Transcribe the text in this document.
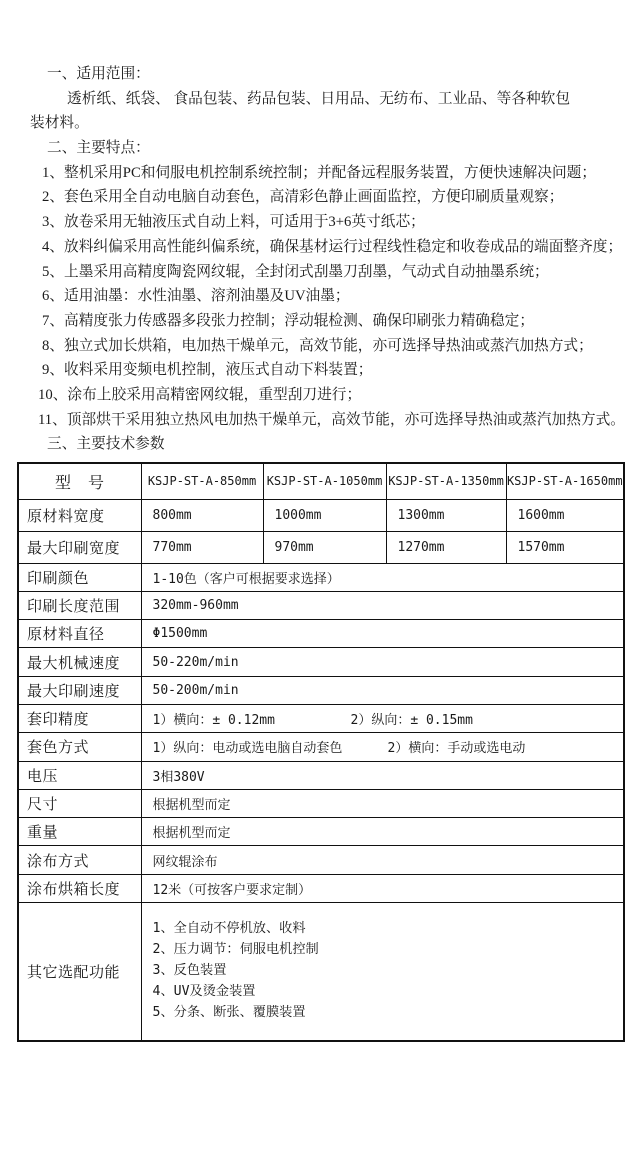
一、适用范围：
透析纸、纸袋、 食品包装、药品包装、日用品、无纺布、工业品、等各种软包
装材料。
二、主要特点：
1、整机采用PC和伺服电机控制系统控制；并配备远程服务装置，方便快速解决问题；
2、套色采用全自动电脑自动套色，高清彩色静止画面监控，方便印刷质量观察；
3、放卷采用无轴液压式自动上料，可适用于3+6英寸纸芯；
4、放料纠偏采用高性能纠偏系统，确保基材运行过程线性稳定和收卷成品的端面整齐度；
5、上墨采用高精度陶瓷网纹辊，全封闭式刮墨刀刮墨，气动式自动抽墨系统；
6、适用油墨：水性油墨、溶剂油墨及UV油墨；
7、高精度张力传感器多段张力控制；浮动辊检测、确保印刷张力精确稳定；
8、独立式加长烘箱，电加热干燥单元，高效节能，亦可选择导热油或蒸汽加热方式；
9、收料采用变频电机控制，液压式自动下料装置；
10、涂布上胶采用高精密网纹辊，重型刮刀进行；
11、顶部烘干采用独立热风电加热干燥单元，高效节能，亦可选择导热油或蒸汽加热方式。
三、主要技术参数
型　号	KSJP-ST-A-850mm	KSJP-ST-A-1050mm	KSJP-ST-A-1350mm	KSJP-ST-A-1650mm
原材料宽度	800mm	1000mm	1300mm	1600mm
最大印刷宽度	770mm	970mm	1270mm	1570mm
印刷颜色	1-10色（客户可根据要求选择）			
印刷长度范围	320mm-960mm			
原材料直径	Φ1500mm			
最大机械速度	50-220m/min			
最大印刷速度	50-200m/min			
套印精度	1）横向：± 0.12mm 2）纵向：± 0.15mm			
套色方式	1）纵向：电动或选电脑自动套色 2）横向：手动或选电动			
电压	3相380V			
尺寸	根据机型而定			
重量	根据机型而定			
涂布方式	网纹辊涂布			
涂布烘箱长度	12米（可按客户要求定制）			
其它选配功能	1、全自动不停机放、收料
2、压力调节：伺服电机控制
3、反色装置
4、UV及烫金装置
5、分条、断张、覆膜装置			
